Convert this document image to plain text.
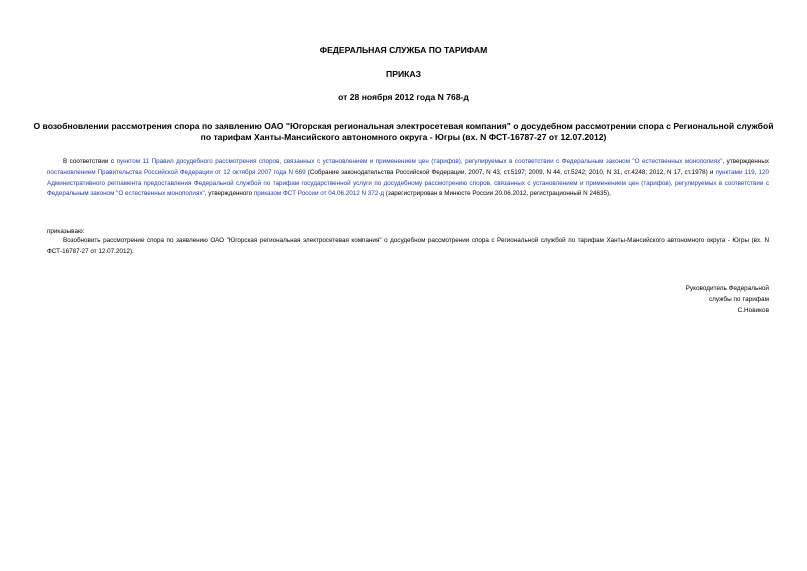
ФЕДЕРАЛЬНАЯ СЛУЖБА ПО ТАРИФАМ
ПРИКАЗ
от 28 ноября 2012 года N 768-д
О возобновлении рассмотрения спора по заявлению ОАО "Югорская региональная электросетевая компания" о досудебном рассмотрении спора с Региональной службой по тарифам Ханты-Мансийского автономного округа - Югры (вх. N ФСТ-16787-27 от 12.07.2012)
В соответствии с пунктом 11 Правил досудебного рассмотрения споров, связанных с установлением и применением цен (тарифов), регулируемых в соответствии с Федеральным законом "О естественных монополиях", утвержденных постановлением Правительства Российской Федерации от 12 октября 2007 года N 669 (Собрание законодательства Российской Федерации, 2007, N 43, ст.5197; 2009, N 44, ст.5242; 2010, N 31, ст.4248; 2012, N 17, ст.1978) и пунктами 119, 120 Административного регламента предоставления Федеральной службой по тарифам государственной услуги по досудебному рассмотрению споров, связанных с установлением и применением цен (тарифов), регулируемых в соответствии с Федеральным законом "О естественных монополиях", утвержденного приказом ФСТ России от 04.06.2012 N 372-д (зарегистрирован в Минюсте России 20.06.2012, регистрационный N 24635),
приказываю:
Возобновить рассмотрение спора по заявлению ОАО "Югорская региональная электросетевая компания" о досудебном рассмотрении спора с Региональной службой по тарифам Ханты-Мансийского автономного округа - Югры (вх. N ФСТ-16787-27 от 12.07.2012).
Руководитель Федеральной
службы по тарифам
С.Новиков
